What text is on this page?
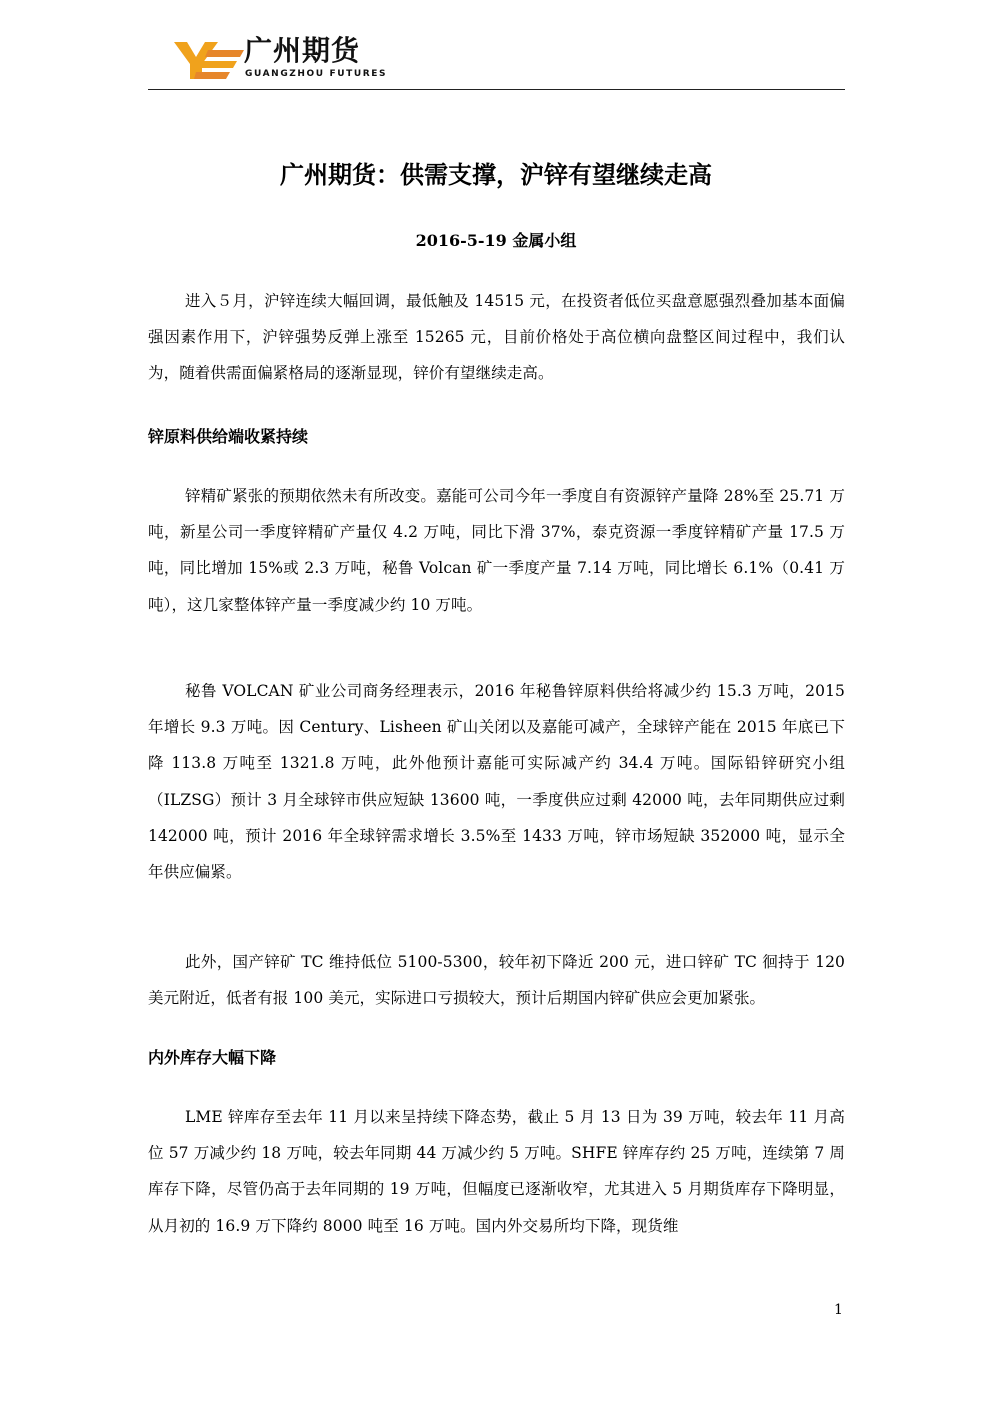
广州期货
GUANGZHOU FUTURES
广州期货：供需支撑，沪锌有望继续走高
2016-5-19 金属小组

进入５月，沪锌连续大幅回调，最低触及 14515 元，在投资者低位买盘意愿强烈叠加基本面偏强因素作用下，沪锌强势反弹上涨至 15265 元，目前价格处于高位横向盘整区间过程中，我们认为，随着供需面偏紧格局的逐渐显现，锌价有望继续走高。

锌原料供给端收紧持续

锌精矿紧张的预期依然未有所改变。嘉能可公司今年一季度自有资源锌产量降 28%至 25.71 万吨，新星公司一季度锌精矿产量仅 4.2 万吨，同比下滑 37%，泰克资源一季度锌精矿产量 17.5 万吨，同比增加 15%或 2.3 万吨，秘鲁 Volcan 矿一季度产量 7.14 万吨，同比增长 6.1%（0.41 万吨），这几家整体锌产量一季度减少约 10 万吨。

秘鲁 VOLCAN 矿业公司商务经理表示，2016 年秘鲁锌原料供给将减少约 15.3 万吨，2015 年增长 9.3 万吨。因 Century、Lisheen 矿山关闭以及嘉能可减产，全球锌产能在 2015 年底已下降 113.8 万吨至 1321.8 万吨，此外他预计嘉能可实际减产约 34.4 万吨。国际铅锌研究小组（ILZSG）预计 3 月全球锌市供应短缺 13600 吨，一季度供应过剩 42000 吨，去年同期供应过剩 142000 吨，预计 2016 年全球锌需求增长 3.5%至 1433 万吨，锌市场短缺 352000 吨，显示全年供应偏紧。

此外，国产锌矿 TC 维持低位 5100-5300，较年初下降近 200 元，进口锌矿 TC 徊持于 120 美元附近，低者有报 100 美元，实际进口亏损较大，预计后期国内锌矿供应会更加紧张。

内外库存大幅下降

LME 锌库存至去年 11 月以来呈持续下降态势，截止 5 月 13 日为 39 万吨，较去年 11 月高位 57 万减少约 18 万吨，较去年同期 44 万减少约 5 万吨。SHFE 锌库存约 25 万吨，连续第 7 周库存下降，尽管仍高于去年同期的 19 万吨，但幅度已逐渐收窄，尤其进入 5 月期货库存下降明显，从月初的 16.9 万下降约 8000 吨至 16 万吨。国内外交易所均下降，现货维

1
